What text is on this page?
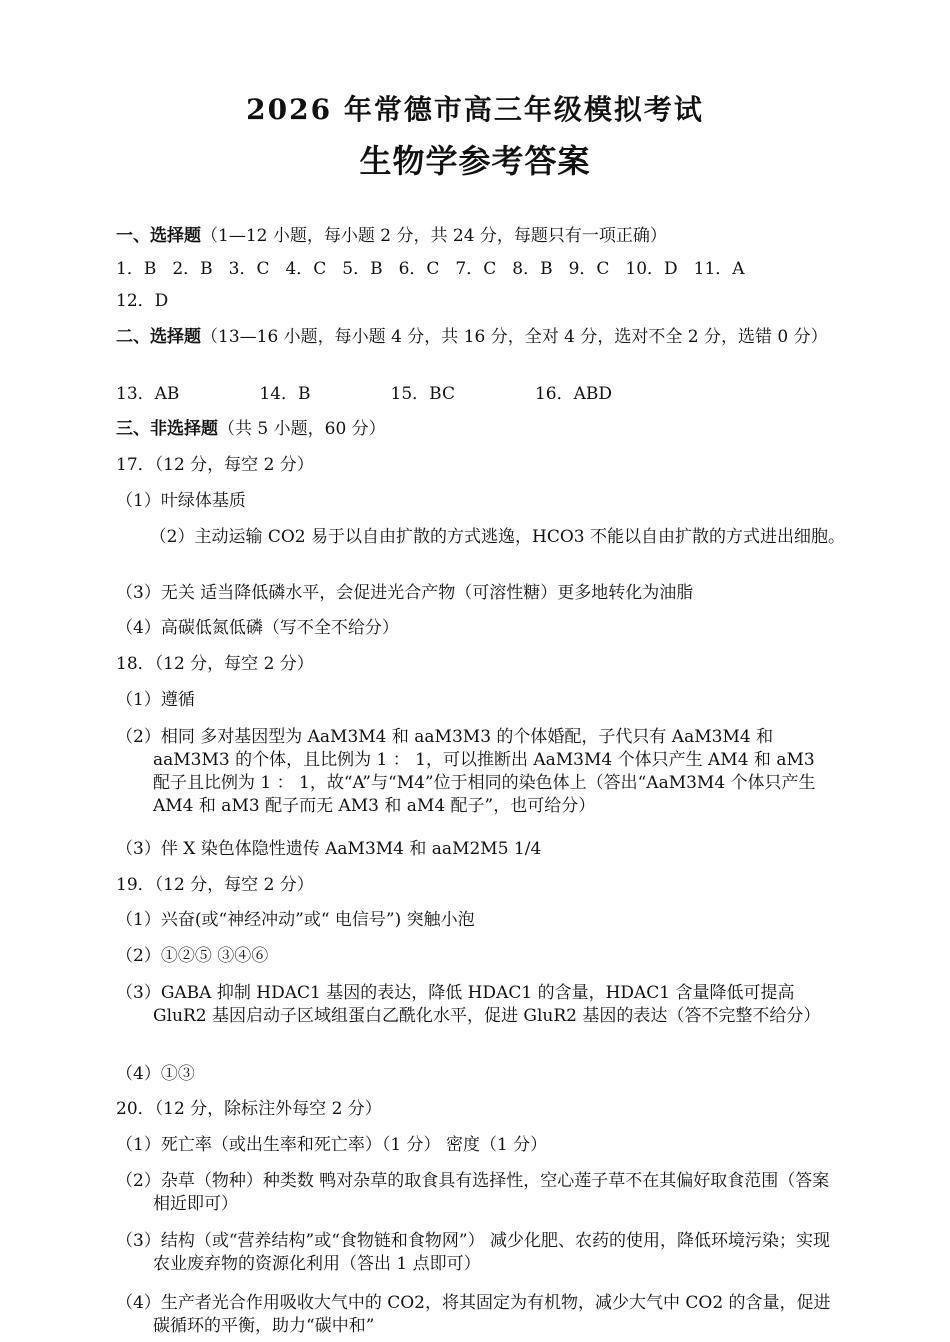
2026 年常德市高三年级模拟考试
生物学参考答案
一、选择题（1—12 小题，每小题 2 分，共 24 分，每题只有一项正确）
1．B 2．B 3．C 4．C 5．B 6．C 7．C 8．B 9．C 10．D 11．A
12．D
二、选择题（13—16 小题，每小题 4 分，共 16 分，全对 4 分，选对不全 2 分，选错 0 分）
13．AB	14．B	15．BC	16．ABD
三、非选择题（共 5 小题，60 分）
17．（12 分，每空 2 分）
（1）叶绿体基质
（2）主动运输 CO2 易于以自由扩散的方式逃逸，HCO3 不能以自由扩散的方式进出细胞。
（3）无关 适当降低磷水平，会促进光合产物（可溶性糖）更多地转化为油脂
（4）高碳低氮低磷（写不全不给分）
18．（12 分，每空 2 分）
（1）遵循
（2）相同 多对基因型为 AaM3M4 和 aaM3M3 的个体婚配，子代只有 AaM3M4 和 aaM3M3 的个体，且比例为 1 ： 1，可以推断出 AaM3M4 个体只产生 AM4 和 aM3 配子且比例为 1 ： 1，故“A”与“M4”位于相同的染色体上（答出“AaM3M4 个体只产生 AM4 和 aM3 配子而无 AM3 和 aM4 配子”，也可给分）
（3）伴 X 染色体隐性遗传 AaM3M4 和 aaM2M5 1/4
19．（12 分，每空 2 分）
（1）兴奋(或“神经冲动”或“ 电信号”) 突触小泡
（2）①②⑤ ③④⑥
（3）GABA 抑制 HDAC1 基因的表达，降低 HDAC1 的含量，HDAC1 含量降低可提高 GluR2 基因启动子区域组蛋白乙酰化水平，促进 GluR2 基因的表达（答不完整不给分）
（4）①③
20．（12 分，除标注外每空 2 分）
（1）死亡率（或出生率和死亡率）（1 分） 密度（1 分）
（2）杂草（物种）种类数 鸭对杂草的取食具有选择性，空心莲子草不在其偏好取食范围（答案相近即可）
（3）结构（或“营养结构”或“食物链和食物网”） 减少化肥、农药的使用，降低环境污染；实现农业废弃物的资源化利用（答出 1 点即可）
（4）生产者光合作用吸收大气中的 CO2，将其固定为有机物，减少大气中 CO2 的含量，促进碳循环的平衡，助力“碳中和”
